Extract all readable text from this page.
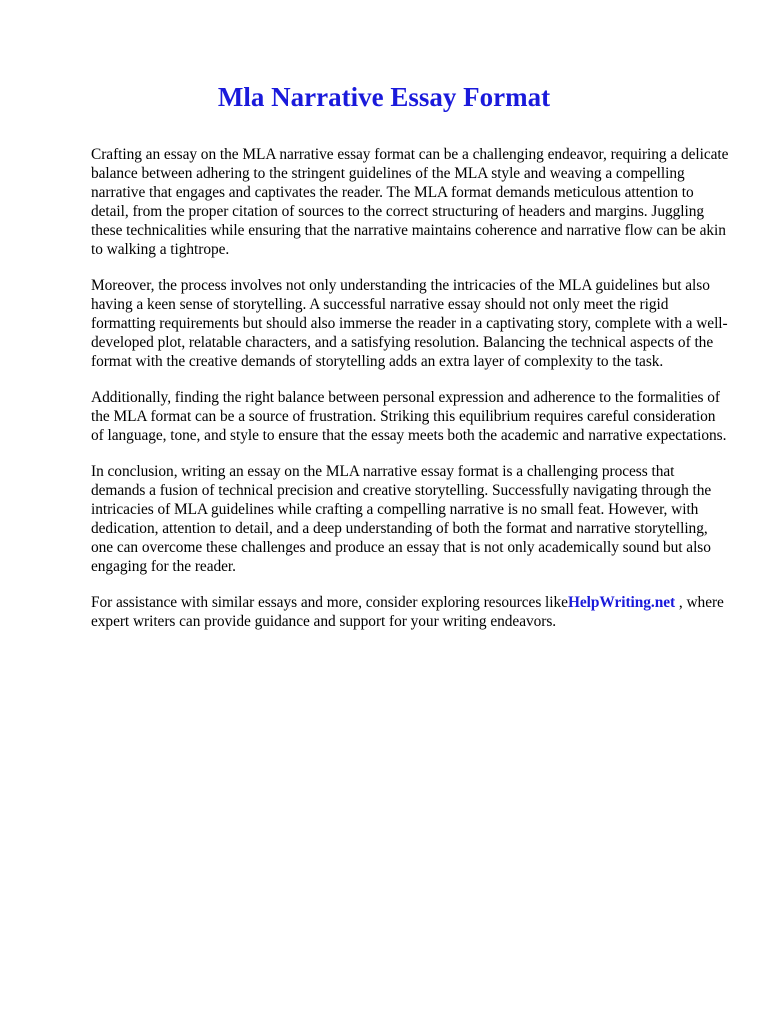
Mla Narrative Essay Format

Crafting an essay on the MLA narrative essay format can be a challenging endeavor, requiring a delicate balance between adhering to the stringent guidelines of the MLA style and weaving a compelling narrative that engages and captivates the reader. The MLA format demands meticulous attention to detail, from the proper citation of sources to the correct structuring of headers and margins. Juggling these technicalities while ensuring that the narrative maintains coherence and narrative flow can be akin to walking a tightrope.

Moreover, the process involves not only understanding the intricacies of the MLA guidelines but also having a keen sense of storytelling. A successful narrative essay should not only meet the rigid formatting requirements but should also immerse the reader in a captivating story, complete with a well-developed plot, relatable characters, and a satisfying resolution. Balancing the technical aspects of the format with the creative demands of storytelling adds an extra layer of complexity to the task.

Additionally, finding the right balance between personal expression and adherence to the formalities of the MLA format can be a source of frustration. Striking this equilibrium requires careful consideration of language, tone, and style to ensure that the essay meets both the academic and narrative expectations.

In conclusion, writing an essay on the MLA narrative essay format is a challenging process that demands a fusion of technical precision and creative storytelling. Successfully navigating through the intricacies of MLA guidelines while crafting a compelling narrative is no small feat. However, with dedication, attention to detail, and a deep understanding of both the format and narrative storytelling, one can overcome these challenges and produce an essay that is not only academically sound but also engaging for the reader.

For assistance with similar essays and more, consider exploring resources likeHelpWriting.net , where expert writers can provide guidance and support for your writing endeavors.
